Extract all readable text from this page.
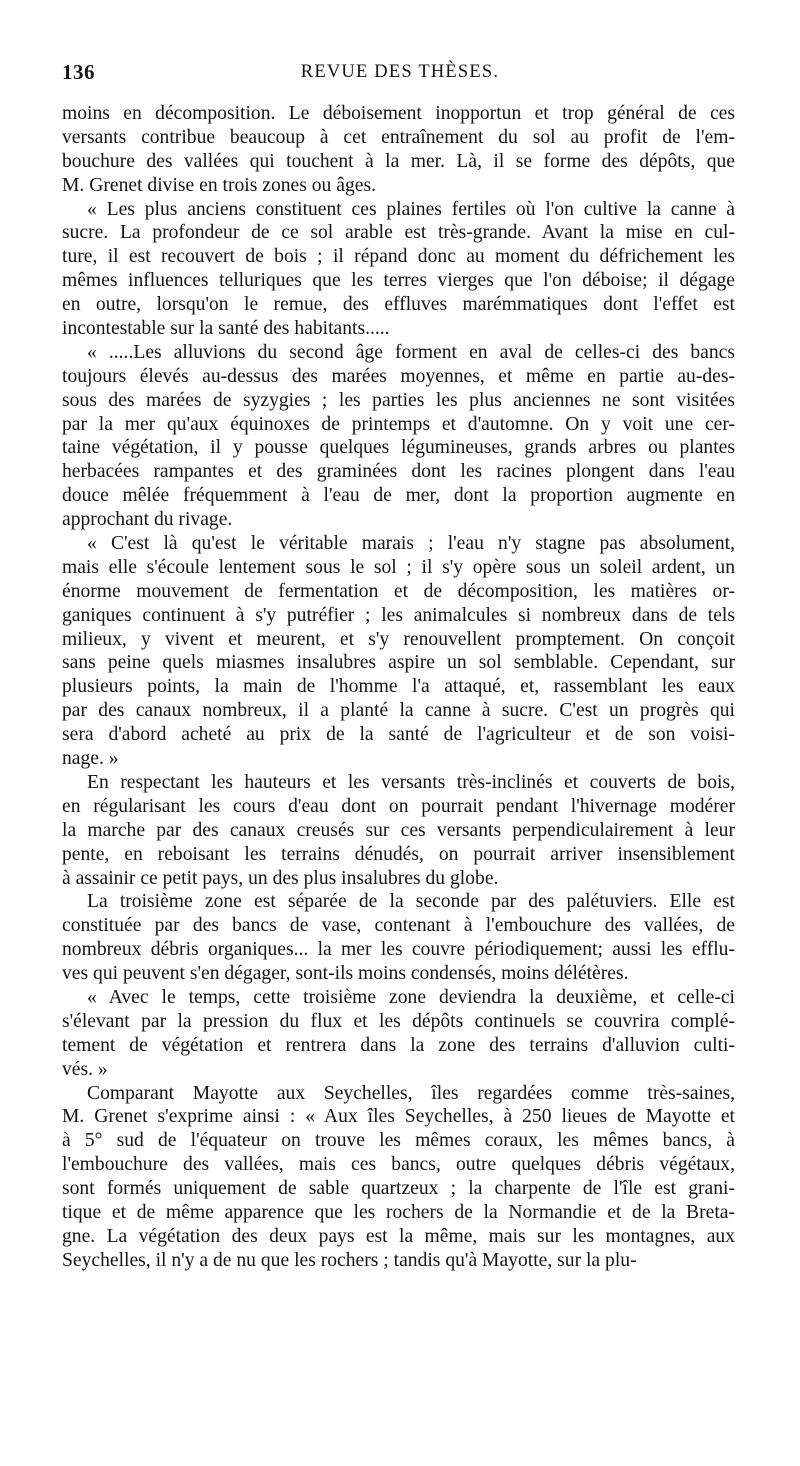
136	REVUE DES THÈSES.
moins en décomposition. Le déboisement inopportun et trop général de ces
versants contribue beaucoup à cet entraînement du sol au profit de l'em-
bouchure des vallées qui touchent à la mer. Là, il se forme des dépôts, que
M. Grenet divise en trois zones ou âges.
« Les plus anciens constituent ces plaines fertiles où l'on cultive la canne à
sucre. La profondeur de ce sol arable est très-grande. Avant la mise en cul-
ture, il est recouvert de bois ; il répand donc au moment du défrichement les
mêmes influences telluriques que les terres vierges que l'on déboise; il dégage
en outre, lorsqu'on le remue, des effluves marémmatiques dont l'effet est
incontestable sur la santé des habitants.....
« .....Les alluvions du second âge forment en aval de celles-ci des bancs
toujours élevés au-dessus des marées moyennes, et même en partie au-des-
sous des marées de syzygies ; les parties les plus anciennes ne sont visitées
par la mer qu'aux équinoxes de printemps et d'automne. On y voit une cer-
taine végétation, il y pousse quelques légumineuses, grands arbres ou plantes
herbacées rampantes et des graminées dont les racines plongent dans l'eau
douce mêlée fréquemment à l'eau de mer, dont la proportion augmente en
approchant du rivage.
« C'est là qu'est le véritable marais ; l'eau n'y stagne pas absolument,
mais elle s'écoule lentement sous le sol ; il s'y opère sous un soleil ardent, un
énorme mouvement de fermentation et de décomposition, les matières or-
ganiques continuent à s'y putréfier ; les animalcules si nombreux dans de tels
milieux, y vivent et meurent, et s'y renouvellent promptement. On conçoit
sans peine quels miasmes insalubres aspire un sol semblable. Cependant, sur
plusieurs points, la main de l'homme l'a attaqué, et, rassemblant les eaux
par des canaux nombreux, il a planté la canne à sucre. C'est un progrès qui
sera d'abord acheté au prix de la santé de l'agriculteur et de son voisi-
nage. »
En respectant les hauteurs et les versants très-inclinés et couverts de bois,
en régularisant les cours d'eau dont on pourrait pendant l'hivernage modérer
la marche par des canaux creusés sur ces versants perpendiculairement à leur
pente, en reboisant les terrains dénudés, on pourrait arriver insensiblement
à assainir ce petit pays, un des plus insalubres du globe.
La troisième zone est séparée de la seconde par des palétuviers. Elle est
constituée par des bancs de vase, contenant à l'embouchure des vallées, de
nombreux débris organiques... la mer les couvre périodiquement; aussi les efflu-
ves qui peuvent s'en dégager, sont-ils moins condensés, moins délétères.
« Avec le temps, cette troisième zone deviendra la deuxième, et celle-ci
s'élevant par la pression du flux et les dépôts continuels se couvrira complé-
tement de végétation et rentrera dans la zone des terrains d'alluvion culti-
vés. »
Comparant Mayotte aux Seychelles, îles regardées comme très-saines,
M. Grenet s'exprime ainsi : « Aux îles Seychelles, à 250 lieues de Mayotte et
à 5° sud de l'équateur on trouve les mêmes coraux, les mêmes bancs, à
l'embouchure des vallées, mais ces bancs, outre quelques débris végétaux,
sont formés uniquement de sable quartzeux ; la charpente de l'île est grani-
tique et de même apparence que les rochers de la Normandie et de la Breta-
gne. La végétation des deux pays est la même, mais sur les montagnes, aux
Seychelles, il n'y a de nu que les rochers ; tandis qu'à Mayotte, sur la plu-
